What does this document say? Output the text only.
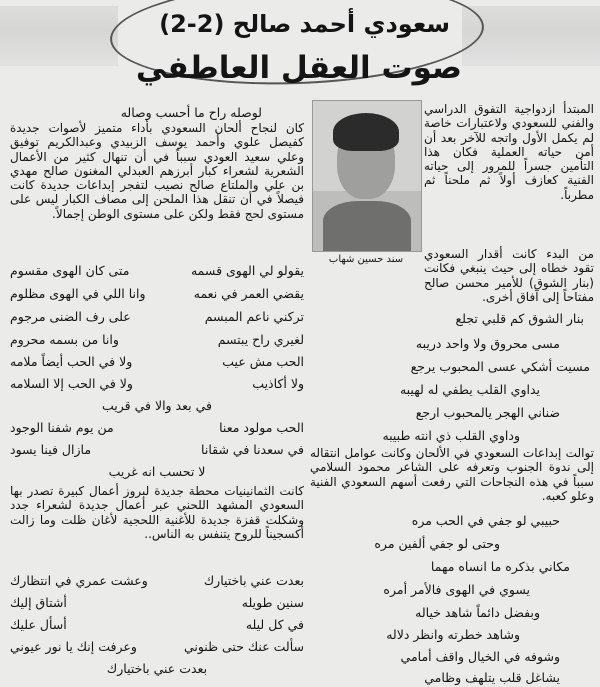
سعودي أحمد صالح (2-2)
صوت العقل العاطفي
سند حسين شهاب
المبتدأ ازدواجية التفوق الدراسي والفني للسعودي ولاعتبارات خاصة لم يكمل الأول واتجه للآخر بعد أن أمن حياته العملية فكان هذا التأمين جسراً للمرور إلى حياته الفنية كعازف أولاً ثم ملحناً ثم مطرباً.
من البدء كانت أقدار السعودي تقود خطاه إلى حيث ينبغي فكانت (بنار الشوق) للأمير محسن صالح مفتاحاً إلى آفاق أخرى.
بنار الشوق كم قلبي تجلع
مسى محروق ولا واحد دريبه
مسيت أشكي عسى المحبوب يرجع
يداوي القلب يطفي له لهيبه
ضناني الهجر يالمحبوب ارجع
وداوي القلب ذي انته طبيبه
توالت إبداعات السعودي في الألحان وكانت عوامل انتقاله إلى ندوة الجنوب وتعرفه على الشاعر محمود السلامي سبباً في هذه النجاحات التي رفعت أسهم السعودي الفنية وعلو كعبه.
حبيبي لو جفي في الحب مره
وحتى لو جفي ألفين مره
مكاني بذكره ما انساه مهما
يسوي في الهوى فالأمر أمره
وبفضل دائماً شاهد خياله
وشاهد خطرته وانظر دلاله
وشوفه في الخيال واقف أمامي
يشاغل قلب يتلهف وظامي
لوصله راح ما أحسب وصاله
كان لنجاح ألحان السعودي بأداء متميز لأصوات جديدة كفيصل علوي وأحمد يوسف الزبيدي وعبدالكريم توفيق وعلي سعيد العودي سبباً في أن تنهال كثير من الأعمال الشعرية لشعراء كبار أبرزهم العبدلي المغنون صالح مهدي بن علي والملتاع صالح نصيب لتفجر إبداعات جديدة كانت فيصلاً في أن تنقل هذا الملحن إلى مصاف الكبار ليس على مستوى لحج فقط ولكن على مستوى الوطن إجمالاً.
يقولو لي الهوى قسمه
متى كان الهوى مقسوم
يقضي العمر في نعمه
وانا اللي في الهوى مظلوم
تركني ناعم المبسم
على رف الضنى مرجوم
لغيري راح يبتسم
وانا من بسمه محروم
الحب مش عيب
ولا في الحب أيضاً ملامه
ولا أكاذيب
ولا في الحب إلا السلامه
في بعد والا في قريب
الحب مولود معنا
من يوم شفنا الوجود
في سعدنا في شقانا
مازال فينا يسود
لا تحسب انه غريب
كانت الثمانينيات محطة جديدة لبروز أعمال كبيرة تصدر بها السعودي المشهد اللحني عبر أعمال جديدة لشعراء جدد وشكلت قفزة جديدة للأغنية اللحجية لأغان ظلت وما زالت أكسجيناً للروح يتنفس به الناس..
بعدت عني باختيارك
وعشت عمري في انتظارك
سنين طويله
أشتاق إليك
في كل ليله
أسأل عليك
سألت عنك حتى ظنوني
وعرفت إنك يا نور عيوني
بعدت عني باختيارك
